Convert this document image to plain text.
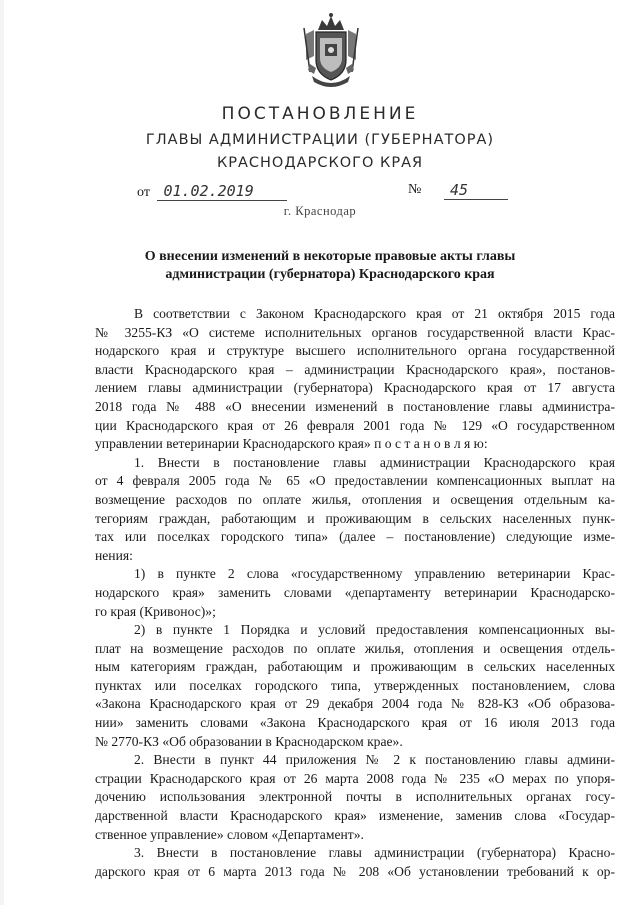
ПОСТАНОВЛЕНИЕ
ГЛАВЫ АДМИНИСТРАЦИИ (ГУБЕРНАТОРА)
КРАСНОДАРСКОГО КРАЯ
от 01.02.2019	№	45
г. Краснодар
О внесении изменений в некоторые правовые акты главы
администрации (губернатора) Краснодарского края
В соответствии с Законом Краснодарского края от 21 октября 2015 года
№ 3255-КЗ «О системе исполнительных органов государственной власти Крас-
нодарского края и структуре высшего исполнительного органа государственной
власти Краснодарского края – администрации Краснодарского края», постанов-
лением главы администрации (губернатора) Краснодарского края от 17 августа
2018 года № 488 «О внесении изменений в постановление главы администра-
ции Краснодарского края от 26 февраля 2001 года № 129 «О государственном
управлении ветеринарии Краснодарского края» п о с т а н о в л я ю:
1. Внести в постановление главы администрации Краснодарского края
от 4 февраля 2005 года № 65 «О предоставлении компенсационных выплат на
возмещение расходов по оплате жилья, отопления и освещения отдельным ка-
тегориям граждан, работающим и проживающим в сельских населенных пунк-
тах или поселках городского типа» (далее – постановление) следующие изме-
нения:
1) в пункте 2 слова «государственному управлению ветеринарии Крас-
нодарского края» заменить словами «департаменту ветеринарии Краснодарско-
го края (Кривонос)»;
2) в пункте 1 Порядка и условий предоставления компенсационных вы-
плат на возмещение расходов по оплате жилья, отопления и освещения отдель-
ным категориям граждан, работающим и проживающим в сельских населенных
пунктах или поселках городского типа, утвержденных постановлением, слова
«Закона Краснодарского края от 29 декабря 2004 года № 828-КЗ «Об образова-
нии» заменить словами «Закона Краснодарского края от 16 июля 2013 года
№ 2770-КЗ «Об образовании в Краснодарском крае».
2. Внести в пункт 44 приложения № 2 к постановлению главы админи-
страции Краснодарского края от 26 марта 2008 года № 235 «О мерах по упоря-
дочению использования электронной почты в исполнительных органах госу-
дарственной власти Краснодарского края» изменение, заменив слова «Государ-
ственное управление» словом «Департамент».
3. Внести в постановление главы администрации (губернатора) Красно-
дарского края от 6 марта 2013 года № 208 «Об установлении требований к ор-
